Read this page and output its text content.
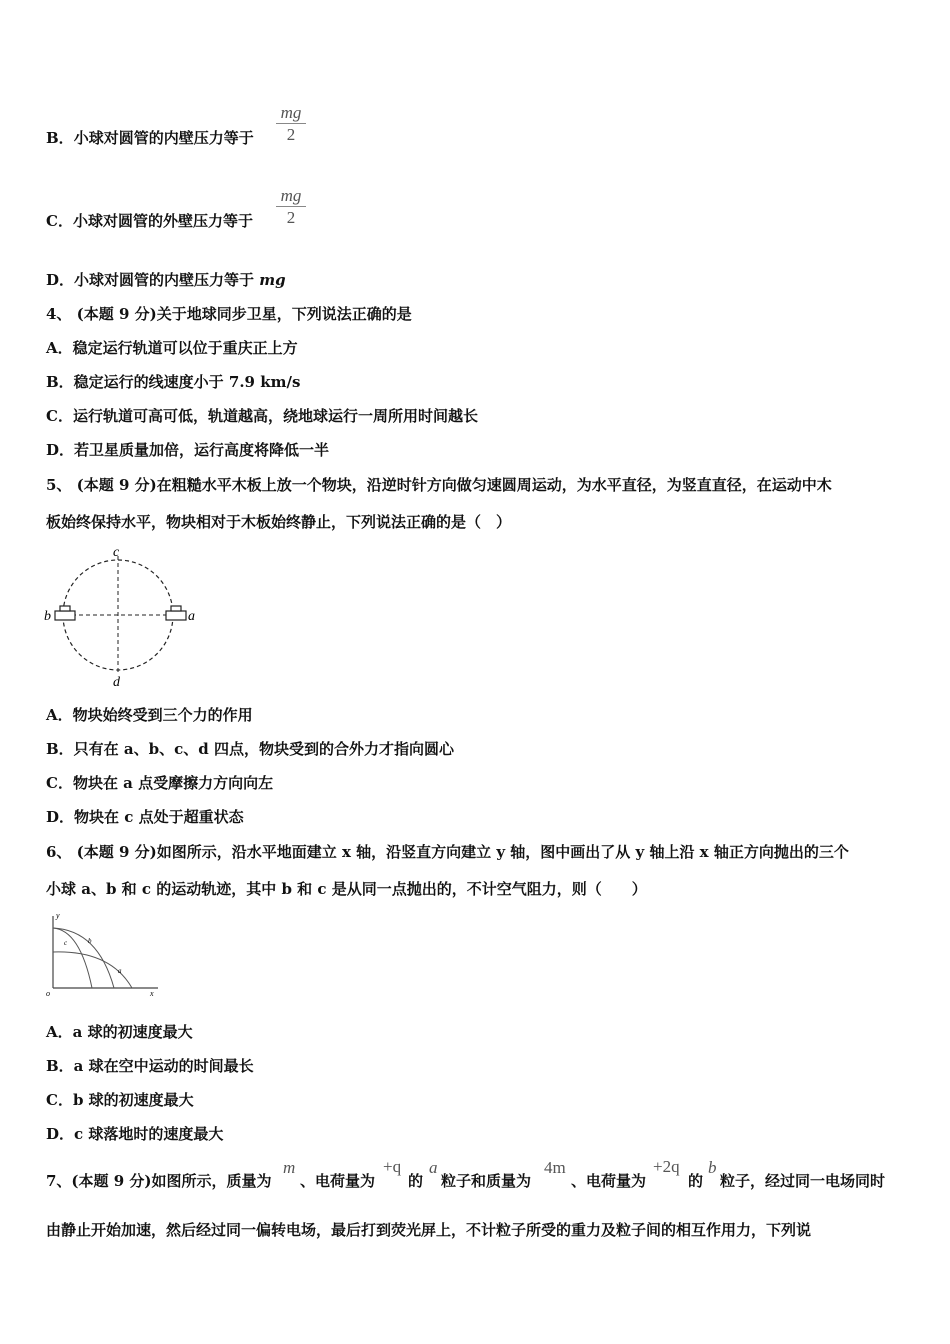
B．小球对圆管的内壁压力等于 $\frac{mg}{2}$
C．小球对圆管的外壁压力等于 $\frac{mg}{2}$
D．小球对圆管的内壁压力等于 mg
4、 (本题 9 分)关于地球同步卫星，下列说法正确的是
A．稳定运行轨道可以位于重庆正上方
B．稳定运行的线速度小于 7.9 km/s
C．运行轨道可高可低，轨道越高，绕地球运行一周所用时间越长
D．若卫星质量加倍，运行高度将降低一半
5、 (本题 9 分)在粗糙水平木板上放一个物块，沿逆时针方向做匀速圆周运动，为水平直径，为竖直直径，在运动中木
板始终保持水平，物块相对于木板始终静止，下列说法正确的是（　）
c
b	a
d
A．物块始终受到三个力的作用
B．只有在 a、b、c、d 四点，物块受到的合外力才指向圆心
C．物块在 a 点受摩擦力方向向左
D．物块在 c 点处于超重状态
6、 (本题 9 分)如图所示，沿水平地面建立 x 轴，沿竖直方向建立 y 轴，图中画出了从 y 轴上沿 x 轴正方向抛出的三个
小球 a、b 和 c 的运动轨迹，其中 b 和 c 是从同一点抛出的，不计空气阻力，则（　　）
y
c	b
a
o	x
A．a 球的初速度最大
B．a 球在空中运动的时间最长
C．b 球的初速度最大
D．c 球落地时的速度最大
7、(本题 9 分)如图所示，质量为
m
、电荷量为
+q
的
a
粒子和质量为
4m
、电荷量为
+2q
的
b
粒子，经过同一电场同时
由静止开始加速，然后经过同一偏转电场，最后打到荧光屏上，不计粒子所受的重力及粒子间的相互作用力，下列说
